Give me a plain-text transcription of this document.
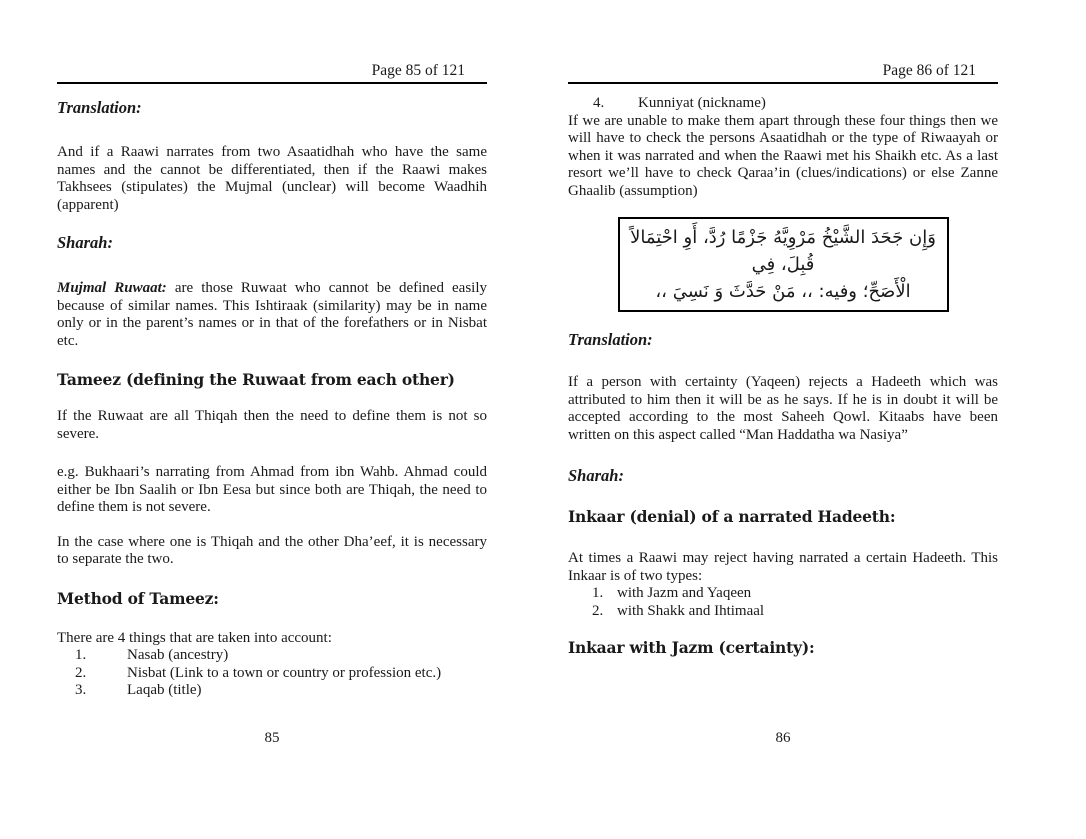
Page 85 of 121
Translation:

And if a Raawi narrates from two Asaatidhah who have the same names and the cannot be differentiated, then if the Raawi makes Takhsees (stipulates) the Mujmal (unclear) will become Waadhih (apparent)

Sharah:

Mujmal Ruwaat: are those Ruwaat who cannot be defined easily because of similar names. This Ishtiraak (similarity) may be in name only or in the parent’s names or in that of the forefathers or in Nisbat etc.

Tameez (defining the Ruwaat from each other)

If the Ruwaat are all Thiqah then the need to define them is not so severe.

e.g. Bukhaari’s narrating from Ahmad from ibn Wahb. Ahmad could either be Ibn Saalih or Ibn Eesa but since both are Thiqah, the need to define them is not severe.

In the case where one is Thiqah and the other Dha’eef, it is necessary to separate the two.

Method of Tameez:

There are 4 things that are taken into account:

1.	Nasab (ancestry)
2.	Nisbat (Link to a town or country or profession etc.)
3.	Laqab (title)
Page 86 of 121
4.	Kunniyat (nickname)

If we are unable to make them apart through these four things then we will have to check the persons Asaatidhah or the type of Riwaayah or when it was narrated and when the Raawi met his Shaikh etc. As a last resort we’ll have to check Qaraa’in (clues/indications) or else Zanne Ghaalib (assumption)

وَإِن جَحَدَ الشَّيْخُ مَرْوِيَّهُ جَزْمًا رُدَّ، أَوِ احْتِمَالاً قُبِلَ، فِي
الْأَصَحِّ؛ وفيه: ،، مَنْ حَدَّثَ وَ نَسِيَ ،،
Translation:

If a person with certainty (Yaqeen) rejects a Hadeeth which was attributed to him then it will be as he says. If he is in doubt it will be accepted according to the most Saheeh Qowl. Kitaabs have been written on this aspect called “Man Haddatha wa Nasiya”

Sharah:
Inkaar (denial) of a narrated Hadeeth:

At times a Raawi may reject having narrated a certain Hadeeth. This Inkaar is of two types:

1. with Jazm and Yaqeen
2. with Shakk and Ihtimaal
Inkaar with Jazm (certainty):
85	86
